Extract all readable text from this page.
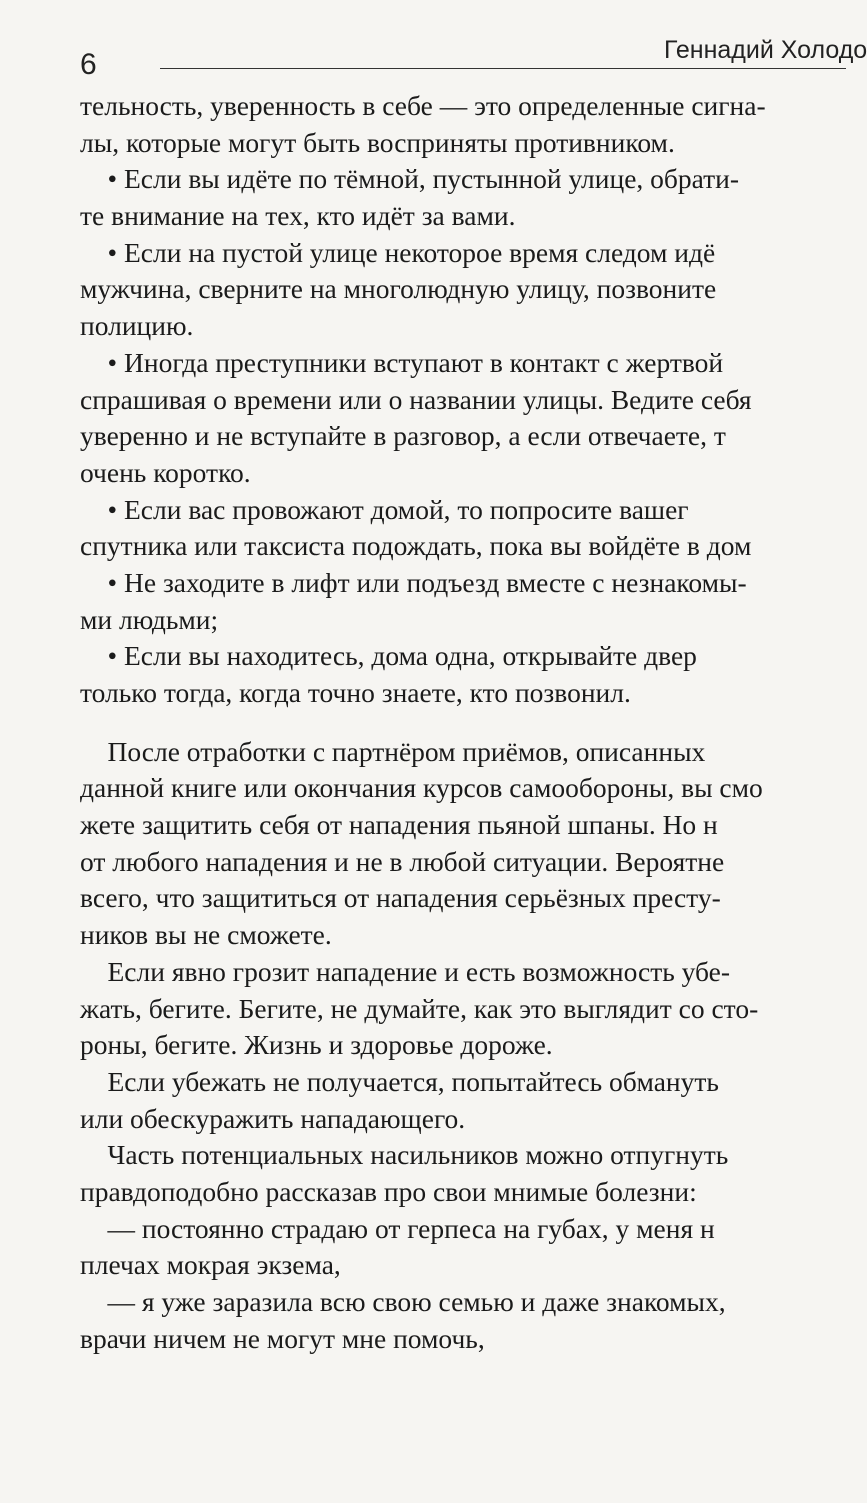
6	Геннадий Холодо
тельность, уверенность в себе — это определенные сигна-
лы, которые могут быть восприняты противником.
• Если вы идёте по тёмной, пустынной улице, обрати-
те внимание на тех, кто идёт за вами.
• Если на пустой улице некоторое время следом идё
мужчина, сверните на многолюдную улицу, позвоните
полицию.
• Иногда преступники вступают в контакт с жертвой
спрашивая о времени или о названии улицы. Ведите себя
уверенно и не вступайте в разговор, а если отвечаете, т
очень коротко.
• Если вас провожают домой, то попросите вашег
спутника или таксиста подождать, пока вы войдёте в дом
• Не заходите в лифт или подъезд вместе с незнакомы-
ми людьми;
• Если вы находитесь, дома одна, открывайте двер
только тогда, когда точно знаете, кто позвонил.
После отработки с партнёром приёмов, описанных
данной книге или окончания курсов самообороны, вы смо
жете защитить себя от нападения пьяной шпаны. Но н
от любого нападения и не в любой ситуации. Вероятне
всего, что защититься от нападения серьёзных престу-
ников вы не сможете.
Если явно грозит нападение и есть возможность убе-
жать, бегите. Бегите, не думайте, как это выглядит со сто-
роны, бегите. Жизнь и здоровье дороже.
Если убежать не получается, попытайтесь обмануть
или обескуражить нападающего.
Часть потенциальных насильников можно отпугнуть
правдоподобно рассказав про свои мнимые болезни:
— постоянно страдаю от герпеса на губах, у меня н
плечах мокрая экзема,
— я уже заразила всю свою семью и даже знакомых,
врачи ничем не могут мне помочь,
